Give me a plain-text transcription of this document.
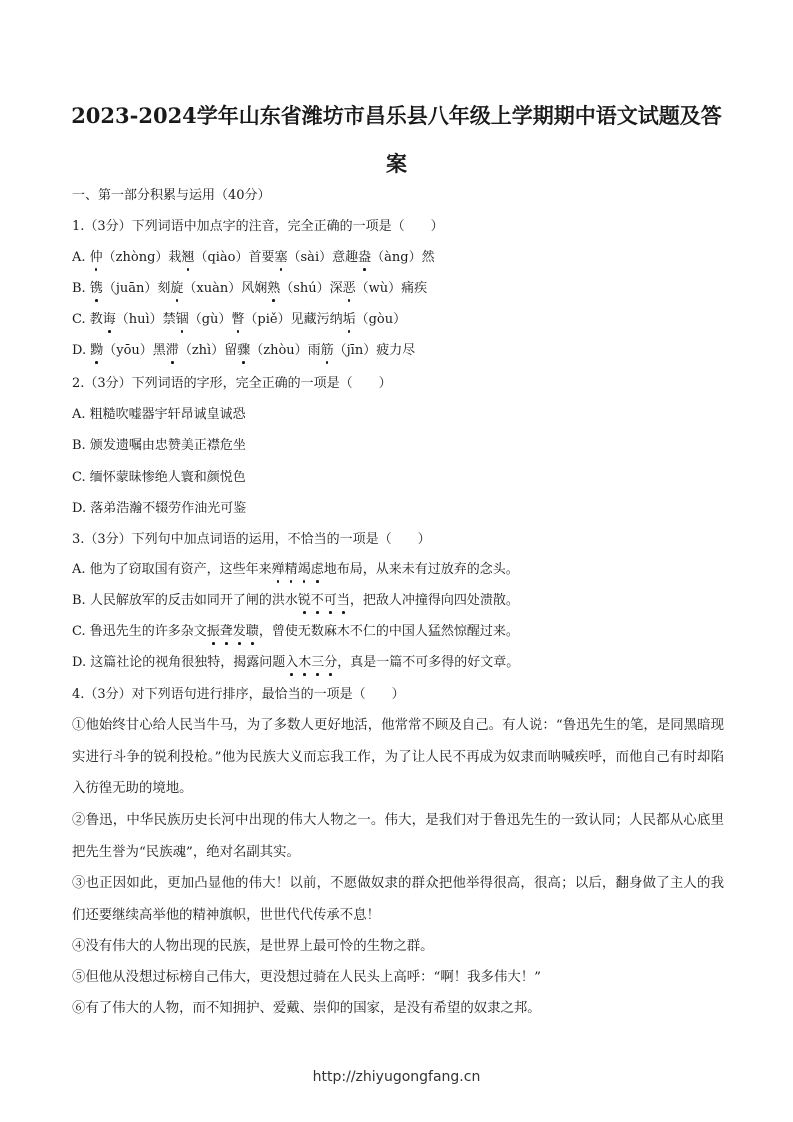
2023-2024学年山东省潍坊市昌乐县八年级上学期期中语文试题及答
案
一、第一部分积累与运用（40分）
1.（3分）下列词语中加点字的注音，完全正确的一项是（　　）
A. 仲（zhòng）栽翘（qiào）首要塞（sài）意趣盎（àng）然
B. 镌（juān）刻旋（xuàn）风娴熟（shú）深恶（wù）痛疾
C. 教诲（huì）禁锢（gù）瞥（piě）见藏污纳垢（gòu）
D. 黝（yōu）黑滞（zhì）留骤（zhòu）雨筋（jīn）疲力尽
2.（3分）下列词语的字形，完全正确的一项是（　　）
A. 粗糙吹嘘器宇轩昂诚皇诚恐
B. 颁发遗嘱由忠赞美正襟危坐
C. 缅怀蒙昧惨绝人寰和颜悦色
D. 落弟浩瀚不辍劳作油光可鉴
3.（3分）下列句中加点词语的运用，不恰当的一项是（　　）
A. 他为了窃取国有资产，这些年来殚精竭虑地布局，从来未有过放弃的念头。
B. 人民解放军的反击如同开了闸的洪水锐不可当，把敌人冲撞得向四处溃散。
C. 鲁迅先生的许多杂文振聋发聩，曾使无数麻木不仁的中国人猛然惊醒过来。
D. 这篇社论的视角很独特，揭露问题入木三分，真是一篇不可多得的好文章。
4.（3分）对下列语句进行排序，最恰当的一项是（　　）
①他始终甘心给人民当牛马，为了多数人更好地活，他常常不顾及自己。有人说：“鲁迅先生的笔，是同黑暗现实进行斗争的锐利投枪。”他为民族大义而忘我工作，为了让人民不再成为奴隶而呐喊疾呼，而他自己有时却陷入彷徨无助的境地。
②鲁迅，中华民族历史长河中出现的伟大人物之一。伟大，是我们对于鲁迅先生的一致认同；人民都从心底里把先生誉为“民族魂”，绝对名副其实。
③也正因如此，更加凸显他的伟大！以前，不愿做奴隶的群众把他举得很高，很高；以后，翻身做了主人的我们还要继续高举他的精神旗帜，世世代代传承不息！
④没有伟大的人物出现的民族，是世界上最可怜的生物之群。
⑤但他从没想过标榜自己伟大，更没想过骑在人民头上高呼：“啊！我多伟大！”
⑥有了伟大的人物，而不知拥护、爱戴、崇仰的国家，是没有希望的奴隶之邦。
http://zhiyugongfang.cn
